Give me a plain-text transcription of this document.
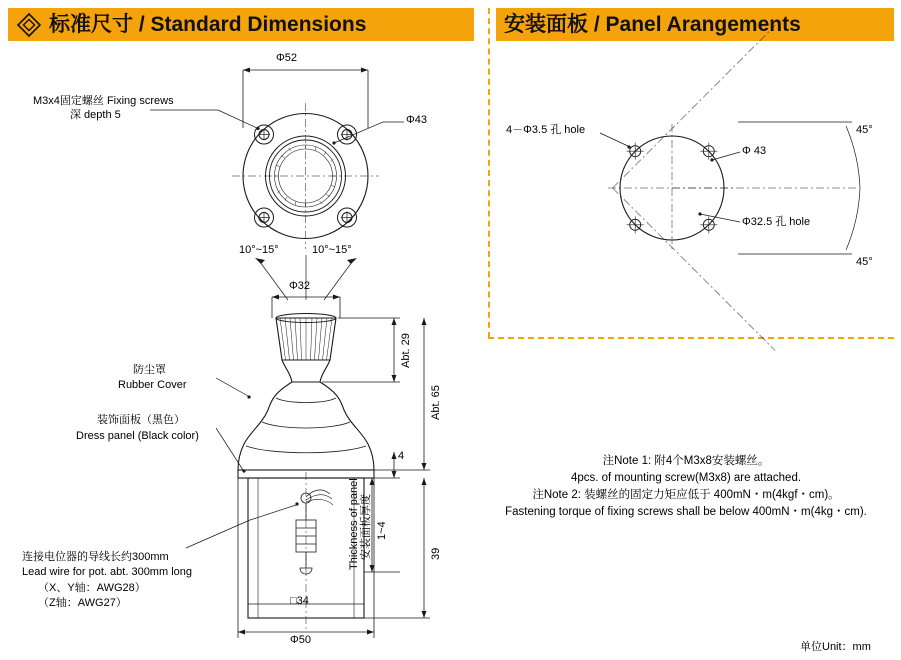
标准尺寸 / Standard Dimensions	安装面板 / Panel Arangements
Φ52
Φ43
M3x4固定螺丝 Fixing screws
深 depth 5
10°~15°	10°~15°
Φ32
Abt. 29
Abt. 65
4
39
1~4
安装面板厚度
Thickness of panel
□34
Φ50
防尘罩
Rubber Cover
装饰面板（黑色）
Dress panel (Black color)
连接电位器的导线长约300mm
Lead wire for pot. abt. 300mm long
（X、Y轴：AWG28）
（Z轴：AWG27）
4－Φ3.5 孔 hole
Φ 43
Φ32.5 孔 hole
45°
45°
注Note 1: 附4个M3x8安装螺丝。
4pcs. of mounting screw(M3x8) are attached.
注Note 2: 装螺丝的固定力矩应低于 400mN・m(4kgf・cm)。
Fastening torque of fixing screws shall be below 400mN・m(4kg・cm).
单位Unit：mm
